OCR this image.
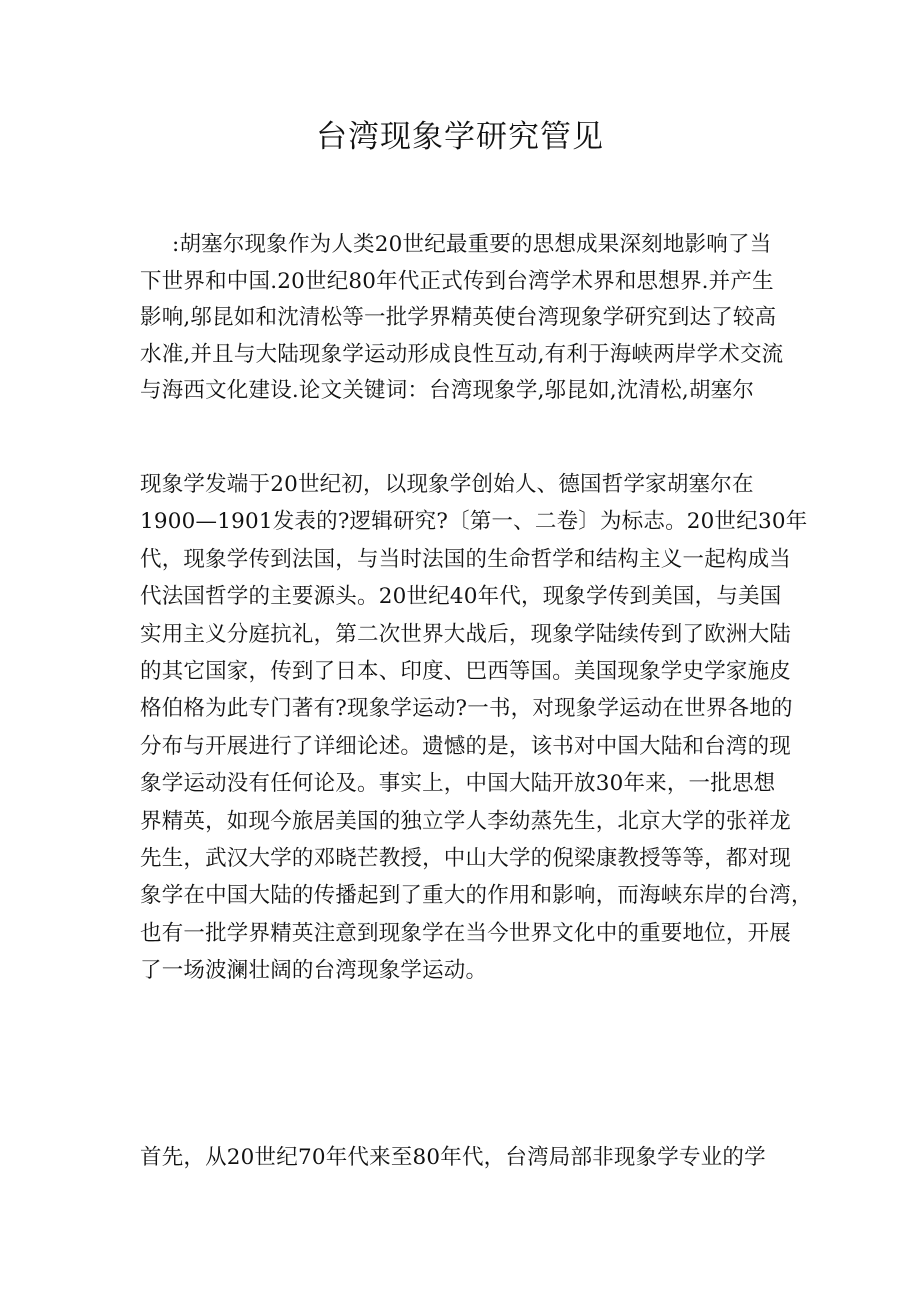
台湾现象学研究管见
:胡塞尔现象作为人类20世纪最重要的思想成果深刻地影响了当
下世界和中国.20世纪80年代正式传到台湾学术界和思想界.并产生
影响,邬昆如和沈清松等一批学界精英使台湾现象学研究到达了较高
水准,并且与大陆现象学运动形成良性互动,有利于海峡两岸学术交流
与海西文化建设.论文关键词：台湾现象学,邬昆如,沈清松,胡塞尔
现象学发端于20世纪初，以现象学创始人、德国哲学家胡塞尔在
1900—1901发表的?逻辑研究?〔第一、二卷〕为标志。20世纪30年
代，现象学传到法国，与当时法国的生命哲学和结构主义一起构成当
代法国哲学的主要源头。20世纪40年代，现象学传到美国，与美国
实用主义分庭抗礼，第二次世界大战后，现象学陆续传到了欧洲大陆
的其它国家，传到了日本、印度、巴西等国。美国现象学史学家施皮
格伯格为此专门著有?现象学运动?一书，对现象学运动在世界各地的
分布与开展进行了详细论述。遗憾的是，该书对中国大陆和台湾的现
象学运动没有任何论及。事实上，中国大陆开放30年来，一批思想
界精英，如现今旅居美国的独立学人李幼蒸先生，北京大学的张祥龙
先生，武汉大学的邓晓芒教授，中山大学的倪梁康教授等等，都对现
象学在中国大陆的传播起到了重大的作用和影响，而海峡东岸的台湾，
也有一批学界精英注意到现象学在当今世界文化中的重要地位，开展
了一场波澜壮阔的台湾现象学运动。
首先，从20世纪70年代来至80年代，台湾局部非现象学专业的学
